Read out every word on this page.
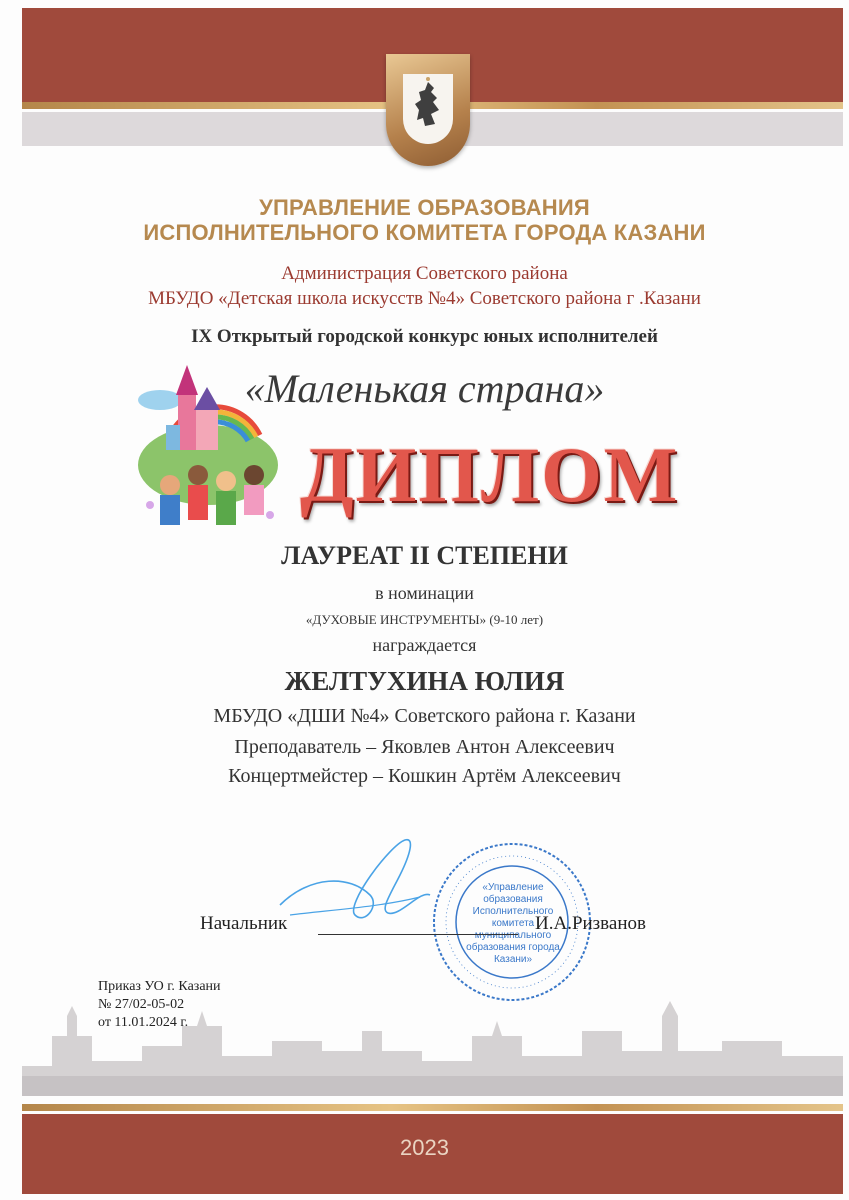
УПРАВЛЕНИЕ ОБРАЗОВАНИЯ
ИСПОЛНИТЕЛЬНОГО КОМИТЕТА ГОРОДА КАЗАНИ
Администрация Советского района
МБУДО «Детская школа искусств №4» Советского района г .Казани
IX Открытый городской конкурс юных исполнителей
«Маленькая страна»
ДИПЛОМ
ЛАУРЕАТ II СТЕПЕНИ
в номинации
«ДУХОВЫЕ ИНСТРУМЕНТЫ» (9-10 лет)
награждается
ЖЕЛТУХИНА ЮЛИЯ
МБУДО «ДШИ №4» Советского района г. Казани
Преподаватель – Яковлев Антон Алексеевич
Концертмейстер – Кошкин Артём Алексеевич
«Управление образования Исполнительного комитета муниципального образования города Казани»
Начальник	И.А.Ризванов
Приказ УО г. Казани
№ 27/02-05-02
от 11.01.2024 г.
2023
